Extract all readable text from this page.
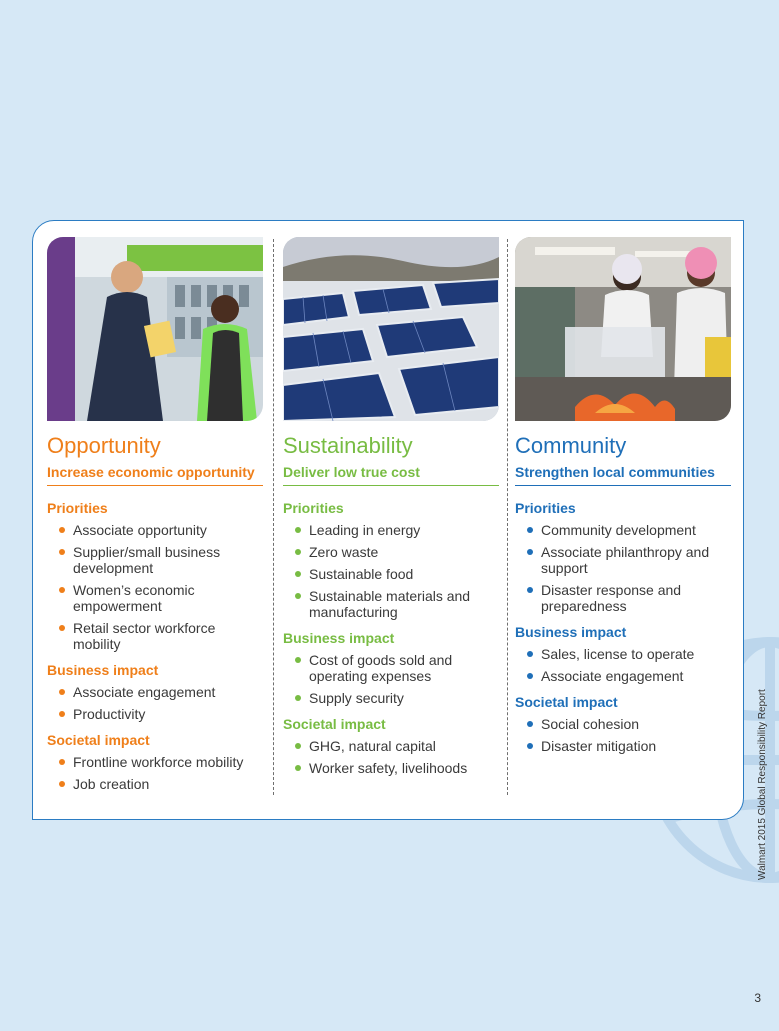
Opportunity
Increase economic opportunity
Priorities
Associate opportunity
Supplier/small business development
Women’s economic empowerment
Retail sector workforce mobility
Business impact
Associate engagement
Productivity
Societal impact
Frontline workforce mobility
Job creation
Sustainability
Deliver low true cost
Priorities
Leading in energy
Zero waste
Sustainable food
Sustainable materials and manufacturing
Business impact
Cost of goods sold and operating expenses
Supply security
Societal impact
GHG, natural capital
Worker safety, livelihoods
Community
Strengthen local communities
Priorities
Community development
Associate philanthropy and support
Disaster response and preparedness
Business impact
Sales, license to operate
Associate engagement
Societal impact
Social cohesion
Disaster mitigation	Walmart 2015 Global Responsibility Report
3
